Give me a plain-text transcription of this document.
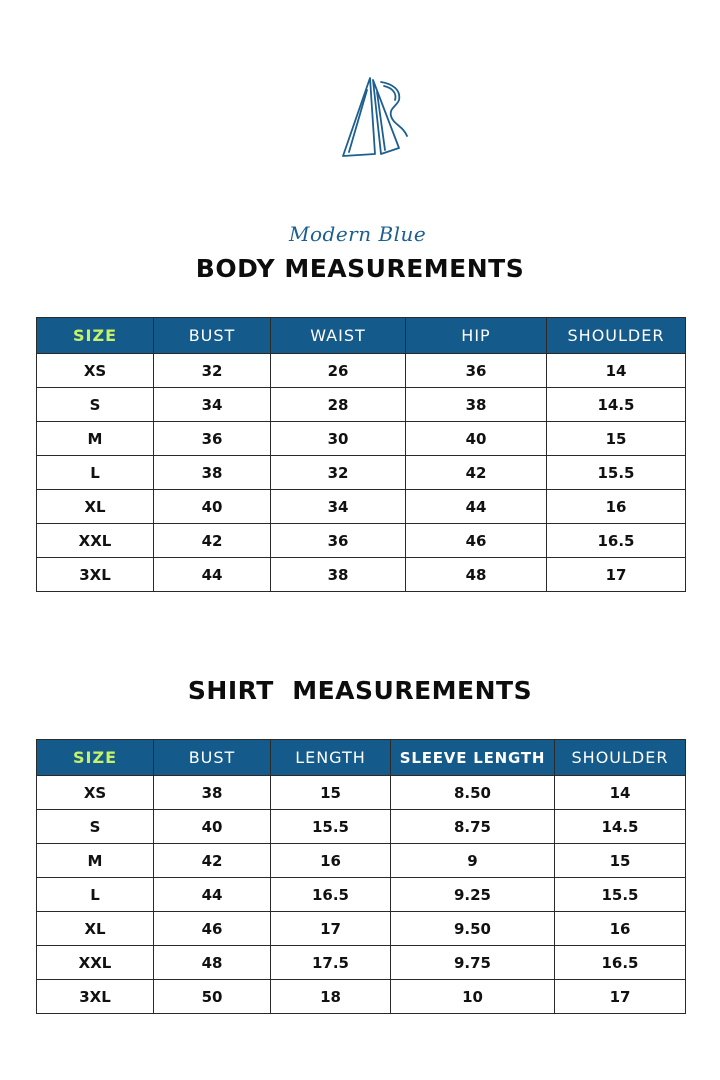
Modern Blue
BODY MEASUREMENTS
SIZE	BUST	WAIST	HIP	SHOULDER
XS	32	26	36	14
S	34	28	38	14.5
M	36	30	40	15
L	38	32	42	15.5
XL	40	34	44	16
XXL	42	36	46	16.5
3XL	44	38	48	17
SHIRT  MEASUREMENTS
SIZE	BUST	LENGTH	SLEEVE LENGTH	SHOULDER
XS	38	15	8.50	14
S	40	15.5	8.75	14.5
M	42	16	9	15
L	44	16.5	9.25	15.5
XL	46	17	9.50	16
XXL	48	17.5	9.75	16.5
3XL	50	18	10	17
